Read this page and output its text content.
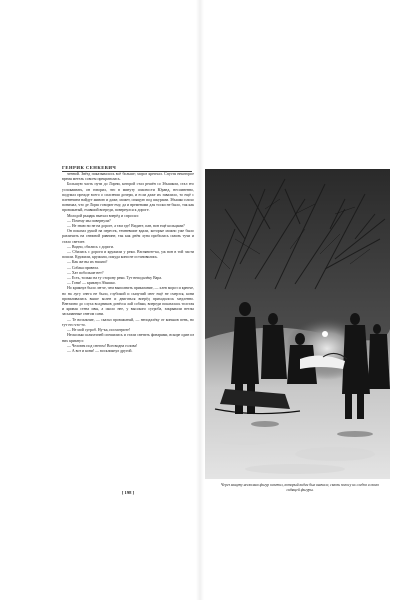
ГЕНРИК СЕНКЕВИЧ

ченной. Звёзд показывалось всё больше; мороз крепчал. Спустя некоторое время метель совсем прекратилась.

Большую часть пути до Лорни, которой стал решён со Збышком, стал его успокаивать, он говорил, что в минуту опасности Юранд, несомненно, подумал прежде всего о спасении дочери, и если даже их завалило, то ещё с пленением найдут живою и даже, может, спящую под шкурами. Збышко плохо понимал, что де Лорш говорит ему, да и временами для тоски не было, так как провожатый, ехавший впереди, повернулся к дороге.

Молодой рыцарь выехал вперёд и спросил:

— Почему мы повернули?

— Не знаю но не на дороге, а там где! Видите, пан, вон ещё кольцами?

Он показал рукой на пересек, темневшие вдали, которые можно уже было различить на снежной равнине, так как днём луна пробилась сквозь тучи и стало светлее.

— Видно, сбились с дороги.

— Сбились с дороги и кружили у реки. Взгляните-ка, уж вон в той части пошли. Кружили, кружили, покуда кони не остановились.

— Как же вы их нашли?

— Собака привела.

— Хат побольше нет?

— Есть, только на ту сторону реки. Тут неподалёку Вара.

— Гони! — крикнул Збышко.

Но крикнул было легче, чем выполнить приказание, — хлев мороз и крепче, но на лугу снега не было, глубокий и сыпучий снег ещё не смерзся, кони проваливались выше колен и двигаться вперёд приходилось медленно. Внезапно до слуха всадников донёсся лай собаки, впереди показалась толстая и кривая стена ивы, а около нее, у высокого сугроба, закрывали ветлы засыпанные снегом сани.

— Те возальчие, — сказал провожатый, — неподалёку от коньков пень, но тут его что-то.

— Не мой сугроб. Ну-ка, посмотрите!

Несколько шляхтичей спешились и стали светить фонарями, вскоре один из них крикнул:

— Человек под снегом! Вон видна голова!

— А вот и кони! — воскликнул другой.

[ 198 ]
Через минуту несколько фигур осветил, который виден был вначале, сквозь полосу их следов и около сидящей фигуры.
